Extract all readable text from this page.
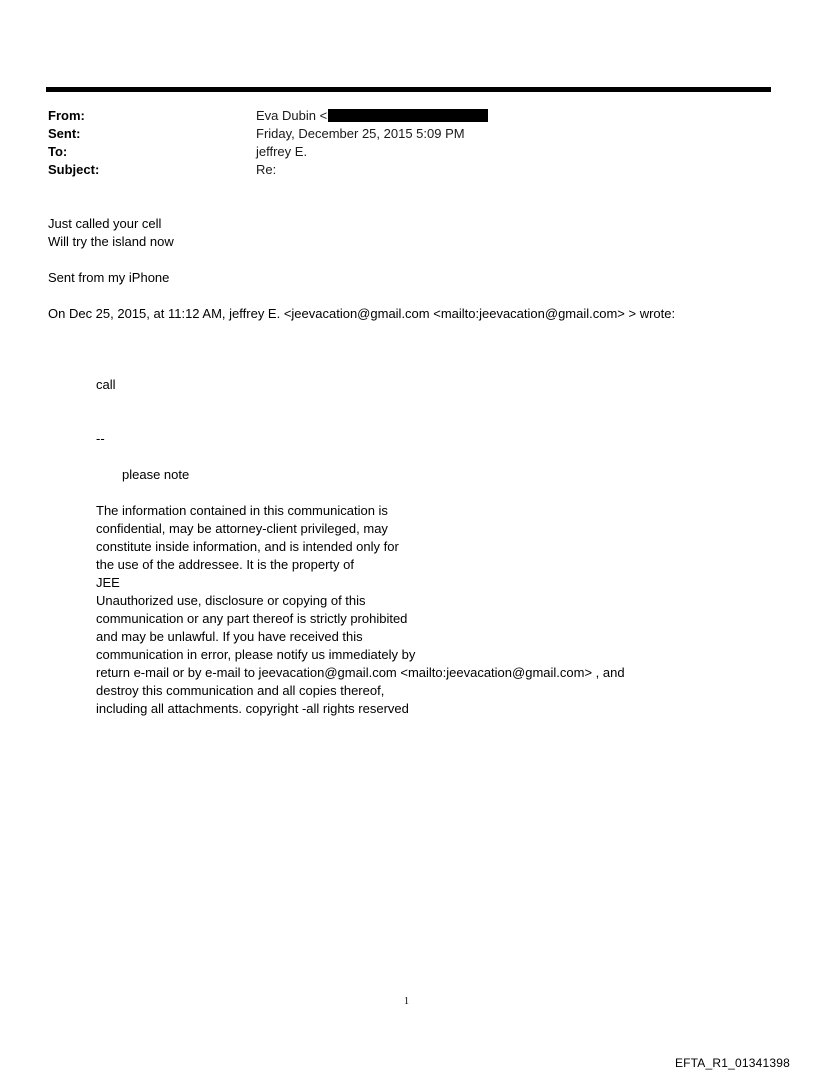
From:	Eva Dubin <
Sent:	Friday, December 25, 2015 5:09 PM
To:	jeffrey E.
Subject:	Re:
Just called your cell
Will try the island now
Sent from my iPhone
On Dec 25, 2015, at 11:12 AM, jeffrey E. <jeevacation@gmail.com <mailto:jeevacation@gmail.com> > wrote:
call
--
please note
The information contained in this communication is
confidential, may be attorney-client privileged, may
constitute inside information, and is intended only for
the use of the addressee. It is the property of
JEE
Unauthorized use, disclosure or copying of this
communication or any part thereof is strictly prohibited
and may be unlawful. If you have received this
communication in error, please notify us immediately by
return e-mail or by e-mail to jeevacation@gmail.com <mailto:jeevacation@gmail.com> , and
destroy this communication and all copies thereof,
including all attachments. copyright -all rights reserved
1
EFTA_R1_01341398
